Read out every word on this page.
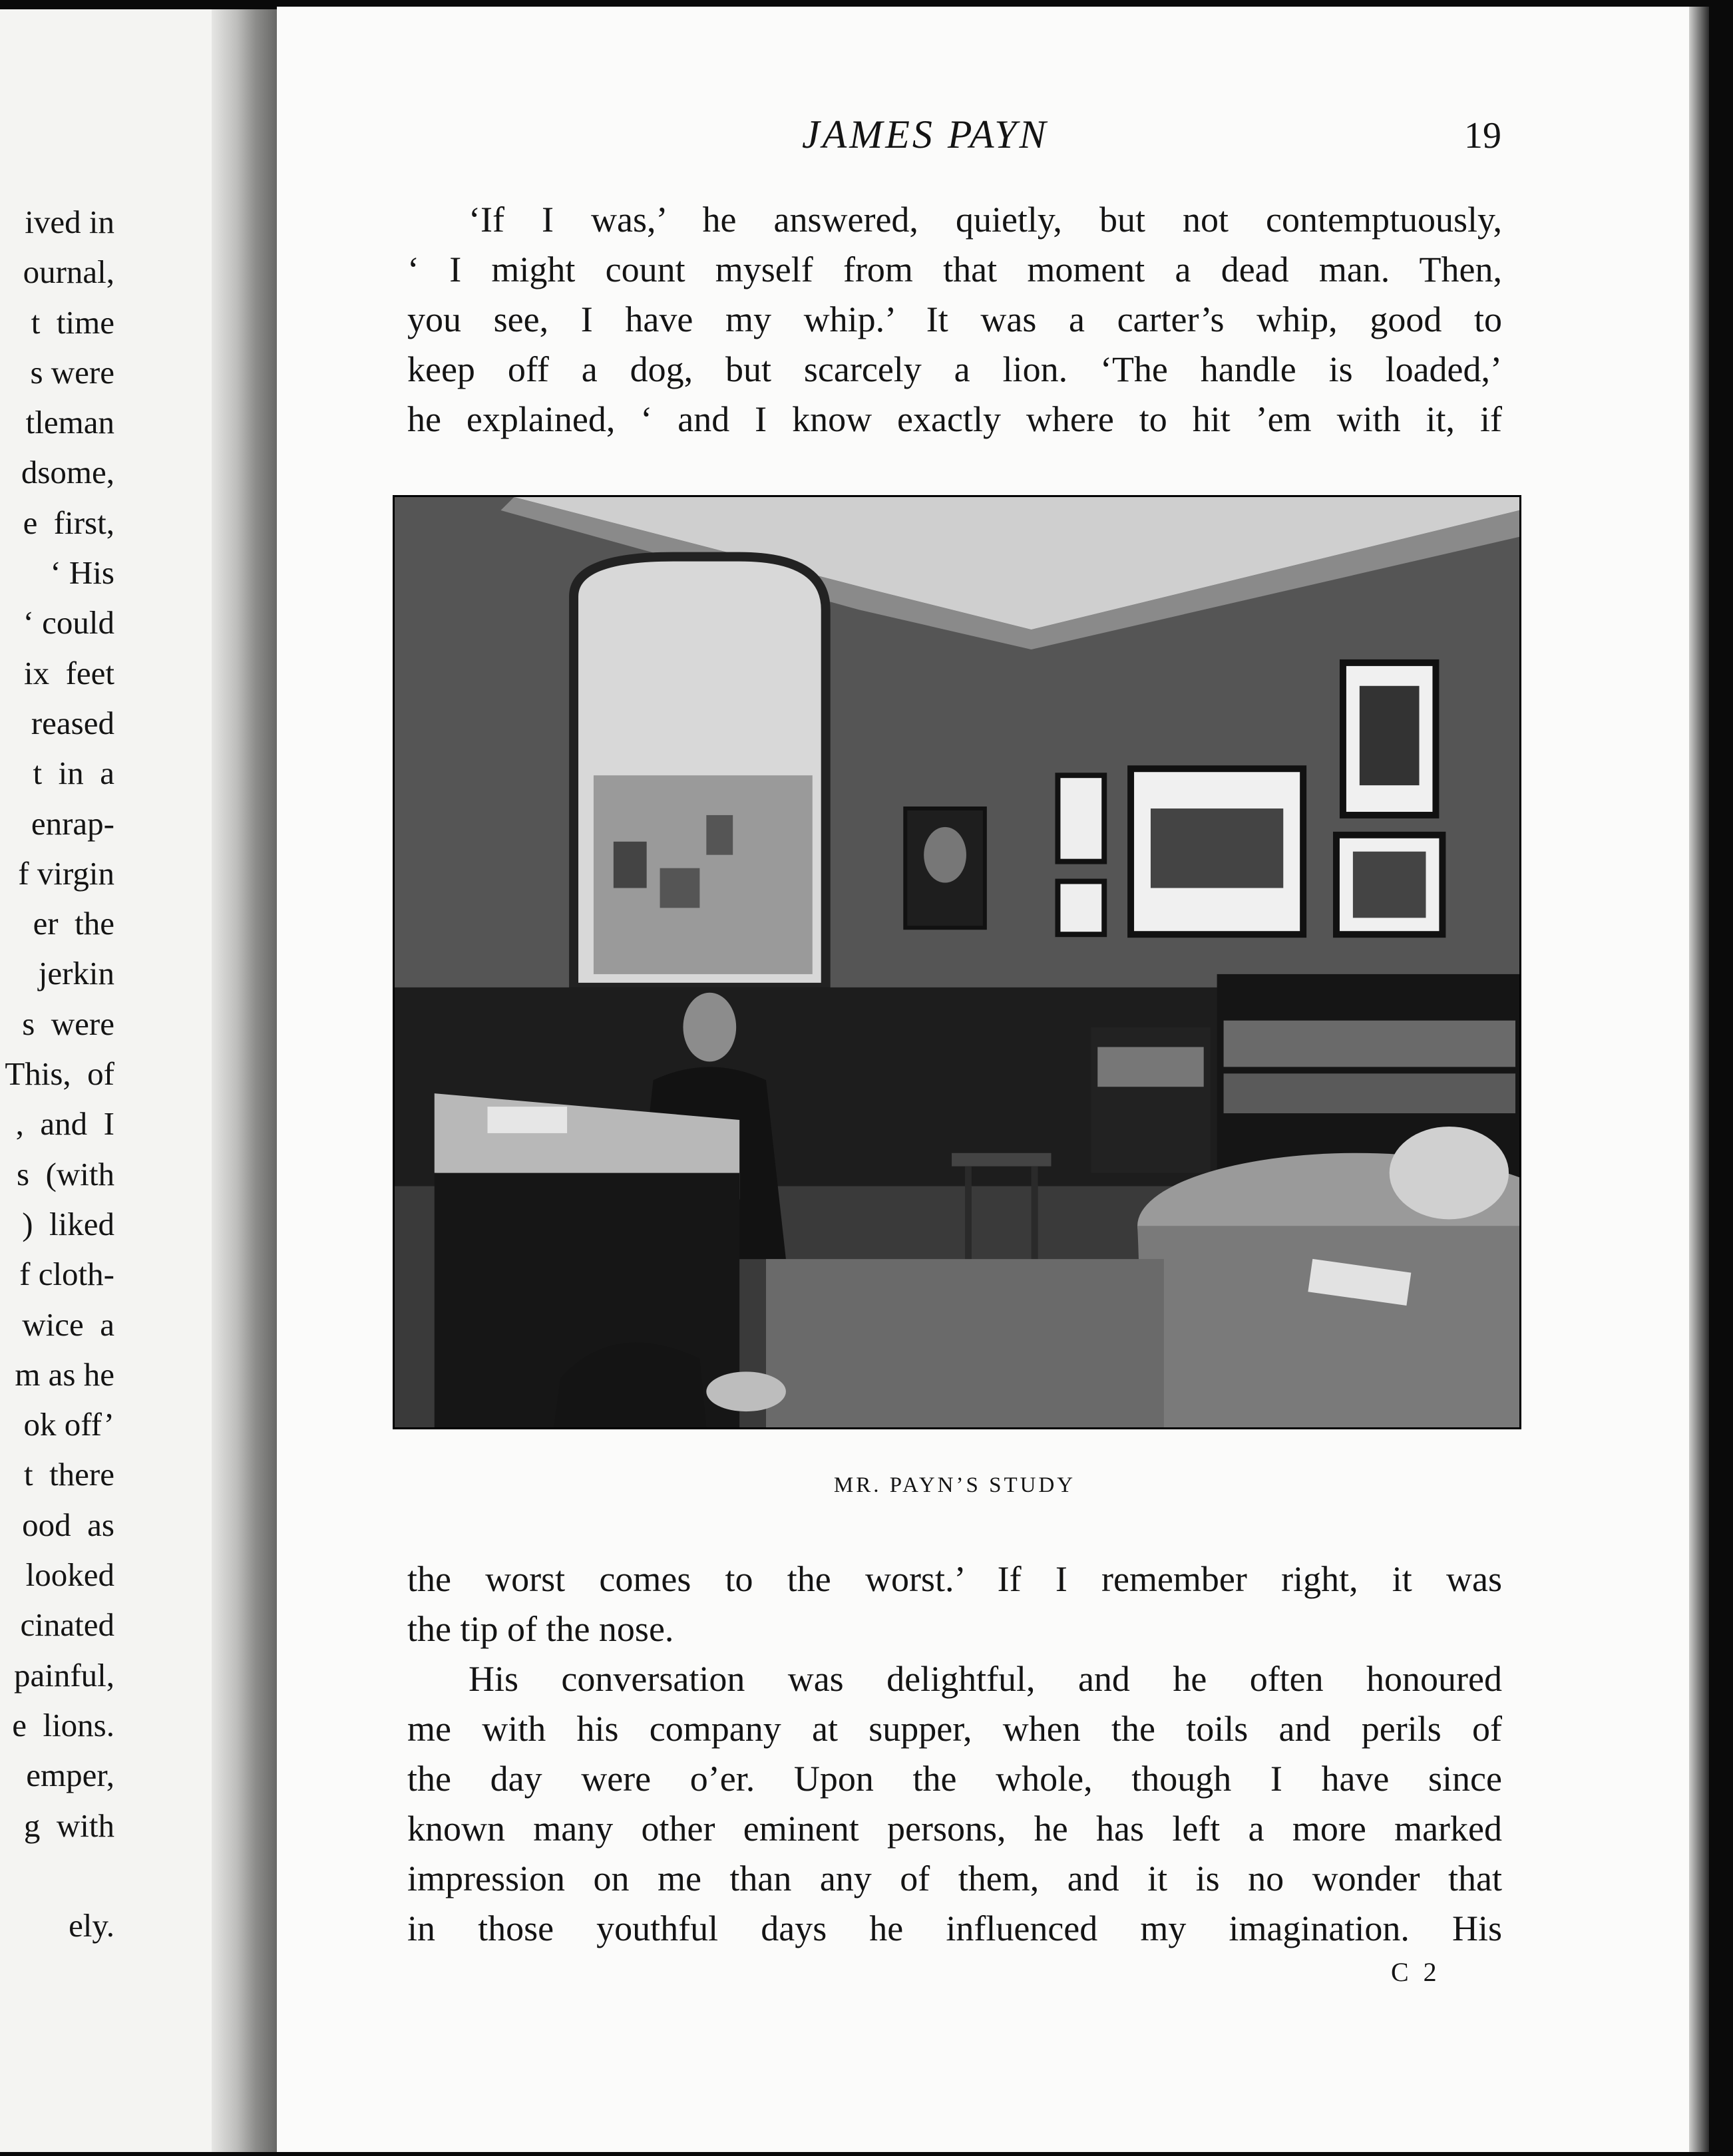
ived in
ournal,
t  time
s were
tleman
dsome,
e  first,
‘ His
‘ could
ix  feet
reased
t  in  a
enrap-
f virgin
er  the
jerkin
s  were
This,  of
,  and  I
s  (with
)  liked
f cloth-
wice  a
m as he
ok off’
t  there
ood  as
looked
cinated
painful,
e  lions.
emper,
g  with

ely.
JAMES PAYN	19
‘If I was,’ he answered, quietly, but not contemptuously,
‘ I might count myself from that moment a dead man. Then,
you see, I have my whip.’ It was a carter’s whip, good to
keep off a dog, but scarcely a lion. ‘The handle is loaded,’
he explained, ‘ and I know exactly where to hit ’em with it, if
MR. PAYN’S STUDY
the worst comes to the worst.’ If I remember right, it was
the tip of the nose.
His conversation was delightful, and he often honoured
me with his company at supper, when the toils and perils of
the day were o’er. Upon the whole, though I have since
known many other eminent persons, he has left a more marked
impression on me than any of them, and it is no wonder that
in those youthful days he influenced my imagination. His
C 2
